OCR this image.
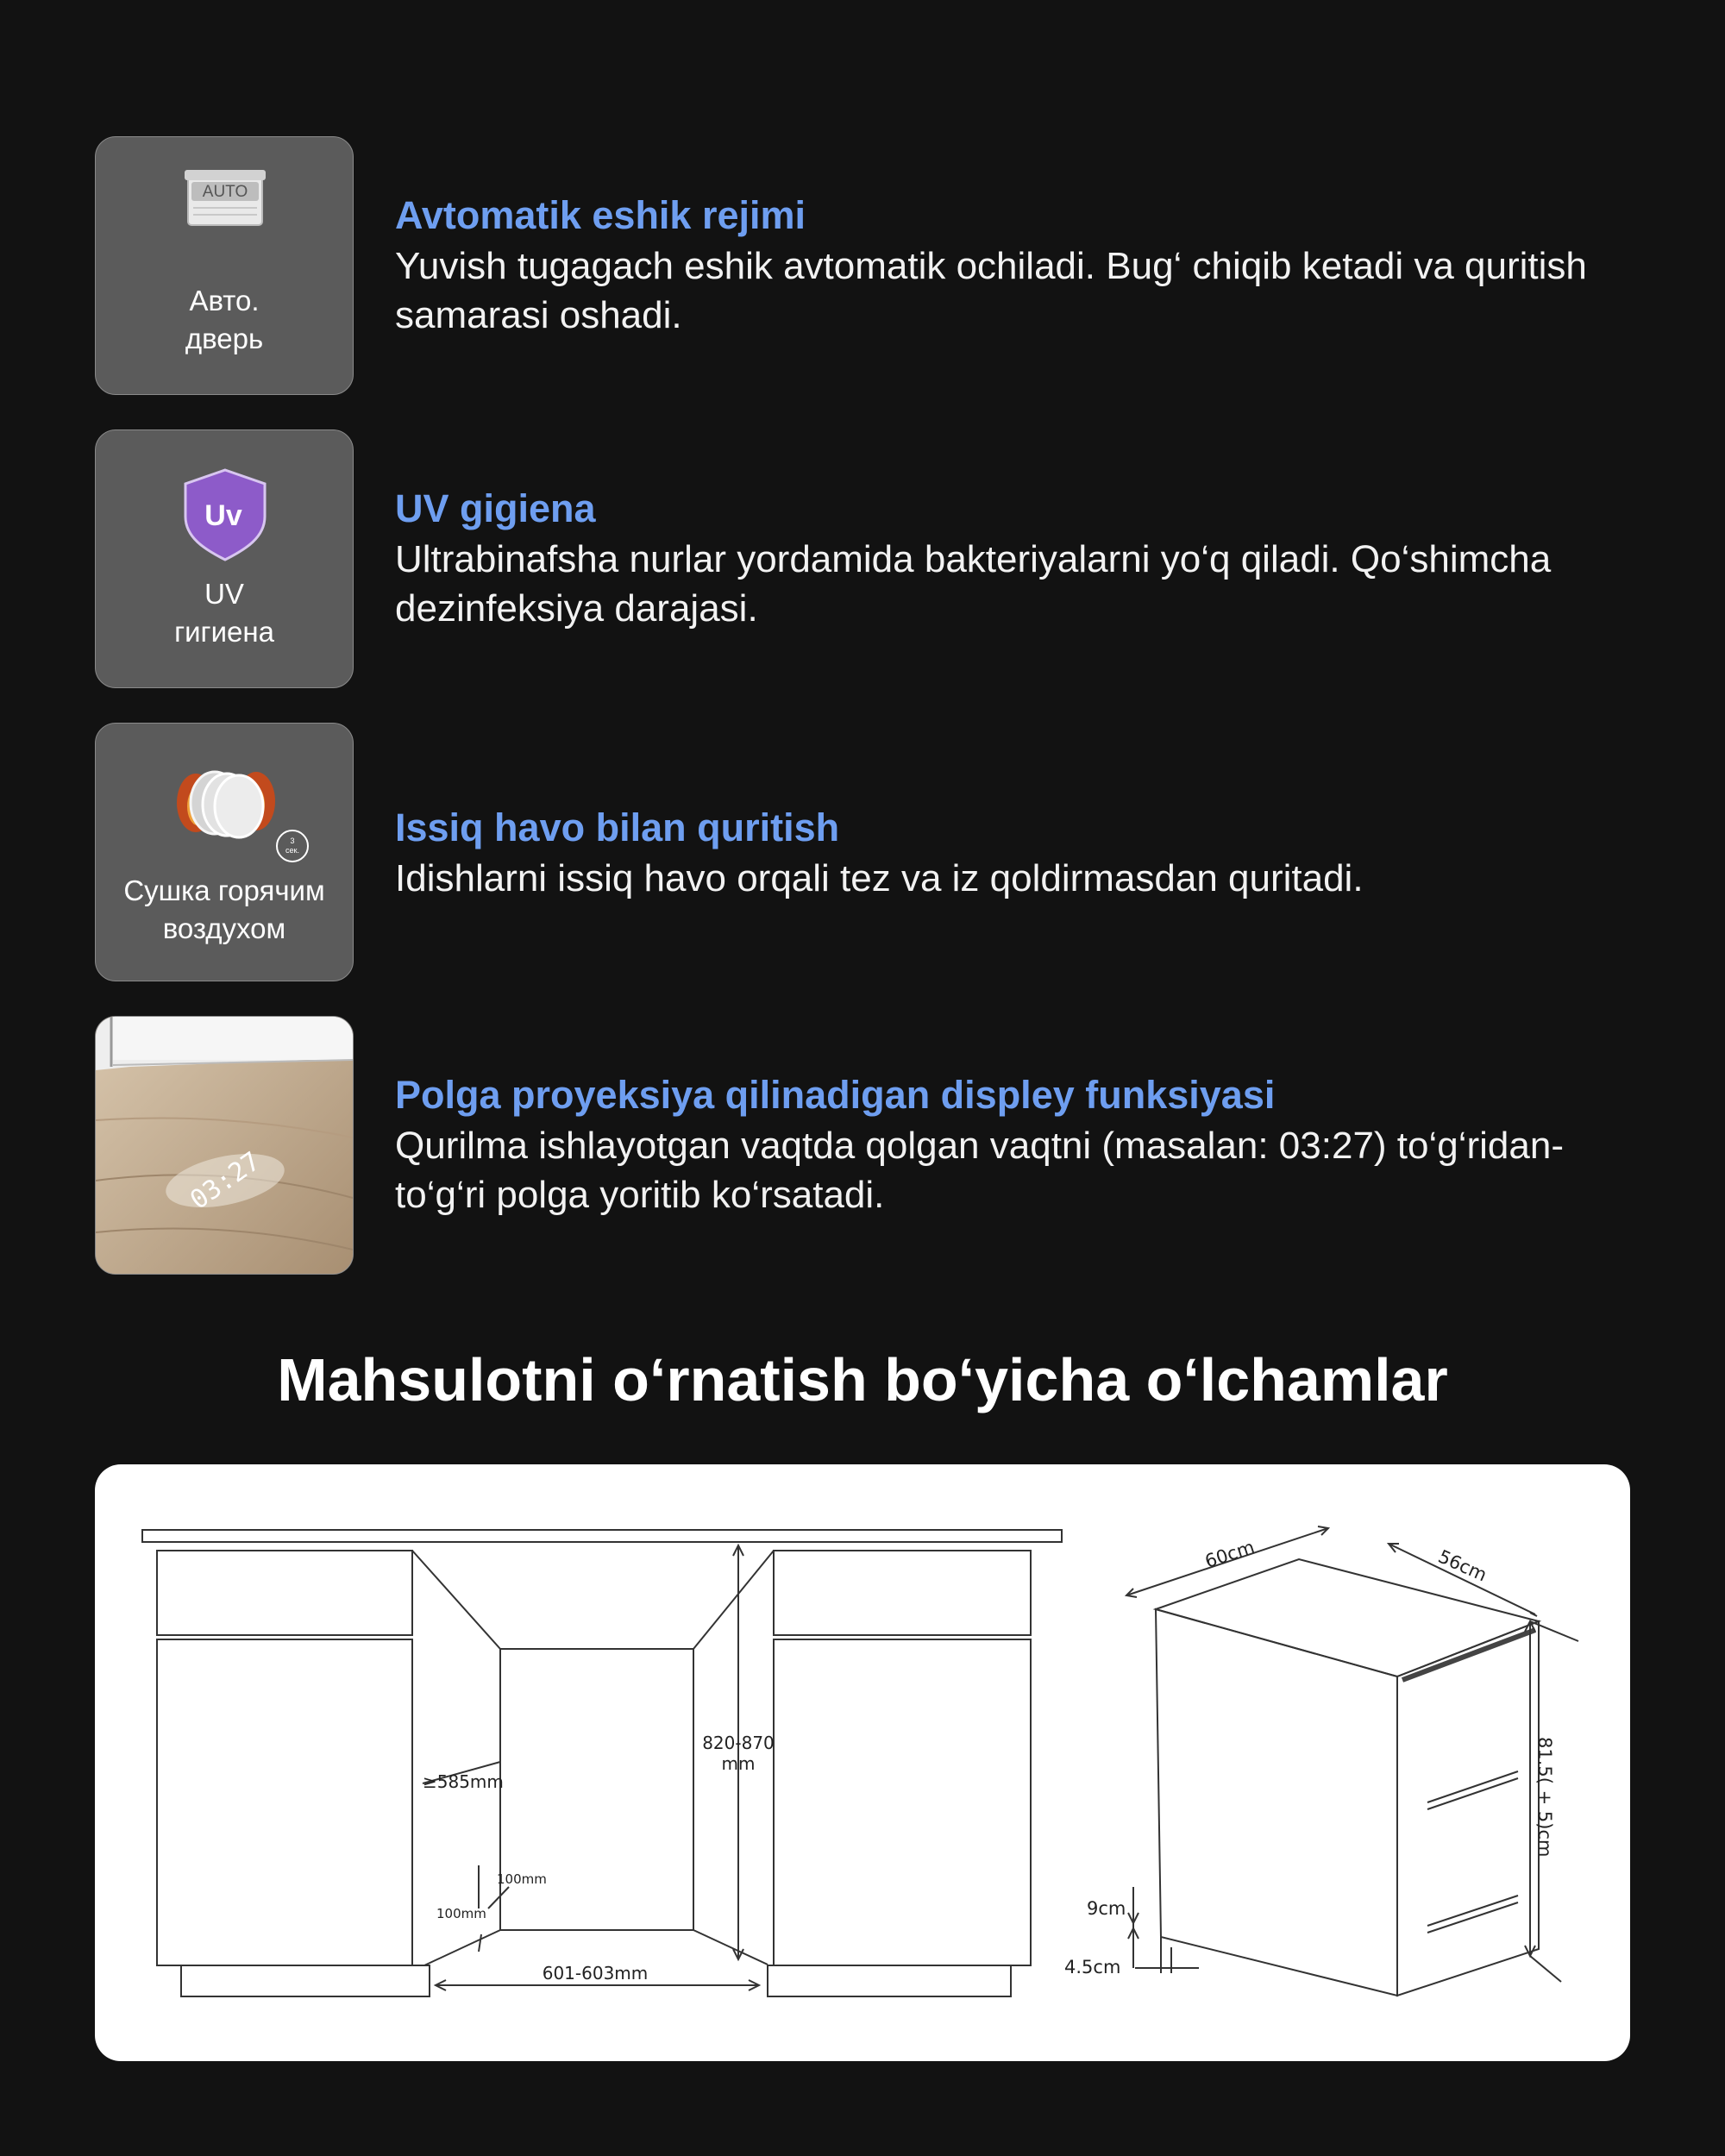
AUTO
Авто.
дверь
Avtomatik eshik rejimi
Yuvish tugagach eshik avtomatik ochiladi. Bug‘ chiqib ketadi va quritish samarasi oshadi.
Uv
UV
гигиена
UV gigiena
Ultrabinafsha nurlar yordamida bakteriyalarni yo‘q qiladi. Qo‘shimcha dezinfeksiya darajasi.
3
сек.
Сушка горячим
воздухом
Issiq havo bilan quritish
Idishlarni issiq havo orqali tez va iz qoldirmasdan quritadi.
03:27
Polga proyeksiya qilinadigan displey funksiyasi
Qurilma ishlayotgan vaqtda qolgan vaqtni (masalan: 03:27) to‘g‘ridan-to‘g‘ri polga yoritib ko‘rsatadi.
Mahsulotni o‘rnatish bo‘yicha o‘lchamlar
≥585mm
820-870
mm
100mm
100mm
601-603mm
60cm	56cm
81.5( + 5)cm
9cm
4.5cm
